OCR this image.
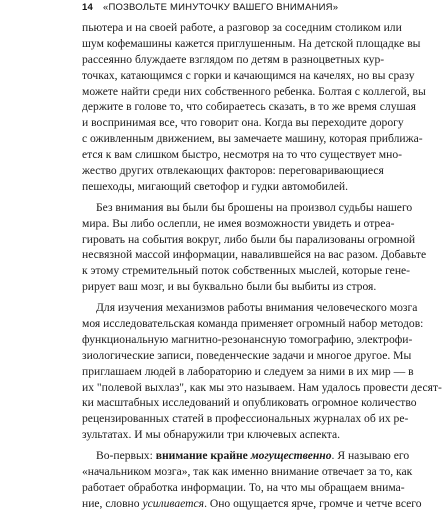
14 «ПОЗВОЛЬТЕ МИНУТОЧКУ ВАШЕГО ВНИМАНИЯ»
пьютера и на своей работе, а разговор за соседним столиком или
шум кофемашины кажется приглушенным. На детской площадке вы
рассеянно блуждаете взглядом по детям в разноцветных кур-
точках, катающимся с горки и качающимся на качелях, но вы сразу
можете найти среди них собственного ребенка. Болтая с коллегой, вы
держите в голове то, что собираетесь сказать, в то же время слушая
и воспринимая все, что говорит она. Когда вы переходите дорогу
с оживленным движением, вы замечаете машину, которая приближа-
ется к вам слишком быстро, несмотря на то что существует мно-
жество других отвлекающих факторов: переговаривающиеся
пешеходы, мигающий светофор и гудки автомобилей.
Без внимания вы были бы брошены на произвол судьбы нашего
мира. Вы либо ослепли, не имея возможности увидеть и отреа-
гировать на события вокруг, либо были бы парализованы огромной
несвязной массой информации, навалившейся на вас разом. Добавьте
к этому стремительный поток собственных мыслей, которые гене-
рирует ваш мозг, и вы буквально были бы выбиты из строя.
Для изучения механизмов работы внимания человеческого мозга
моя исследовательская команда применяет огромный набор методов:
функциональную магнитно-резонансную томографию, электрофи-
зиологические записи, поведенческие задачи и многое другое. Мы
приглашаем людей в лабораторию и следуем за ними в их мир — в
их "полевой выхлаз", как мы это называем. Нам удалось провести десят-
ки масштабных исследований и опубликовать огромное количество
рецензированных статей в профессиональных журналах об их ре-
зультатах. И мы обнаружили три ключевых аспекта.
Во-первых: внимание крайне могущественно. Я называю его
«начальником мозга», так как именно внимание отвечает за то, как
работает обработка информации. То, на что мы обращаем внима-
ние, словно усиливается. Оно ощущается ярче, громче и четче всего
